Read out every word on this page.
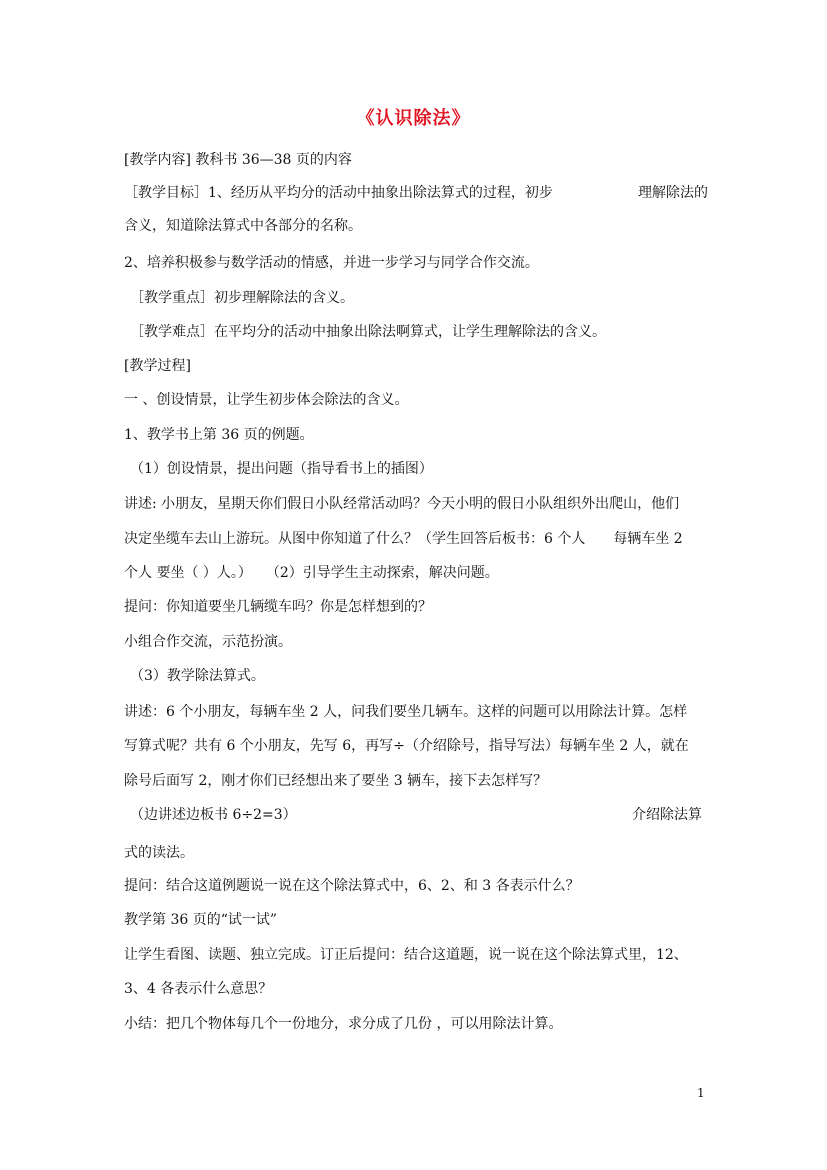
《认识除法》
[教学内容] 教科书 36—38 页的内容
［教学目标］1、经历从平均分的活动中抽象出除法算式的过程，初步	理解除法的
含义，知道除法算式中各部分的名称。
2、培养积极参与数学活动的情感，并进一步学习与同学合作交流。
［教学重点］初步理解除法的含义。
［教学难点］在平均分的活动中抽象出除法啊算式，让学生理解除法的含义。
[教学过程]
一 、创设情景，让学生初步体会除法的含义。
1、教学书上第 36 页的例题。
（1）创设情景，提出问题（指导看书上的插图）
讲述: 小朋友，星期天你们假日小队经常活动吗？今天小明的假日小队组织外出爬山，他们
决定坐缆车去山上游玩。从图中你知道了什么？（学生回答后板书：6 个人　　每辆车坐 2
个人 要坐（ ）人。）　　（2）引导学生主动探索，解决问题。
提问：你知道要坐几辆缆车吗？你是怎样想到的？
小组合作交流，示范扮演。
（3）教学除法算式。
讲述：6 个小朋友，每辆车坐 2 人，问我们要坐几辆车。这样的问题可以用除法计算。怎样
写算式呢？共有 6 个小朋友，先写 6，再写÷（介绍除号，指导写法）每辆车坐 2 人，就在
除号后面写 2，刚才你们已经想出来了要坐 3 辆车，接下去怎样写？
（边讲述边板书 6÷2=3）	介绍除法算
式的读法。
提问：结合这道例题说一说在这个除法算式中，6、2、和 3 各表示什么？
教学第 36 页的“试一试”
让学生看图、读题、独立完成。订正后提问：结合这道题，说一说在这个除法算式里，12、
3、4 各表示什么意思？
小结：把几个物体每几个一份地分，求分成了几份 ，可以用除法计算。
1
